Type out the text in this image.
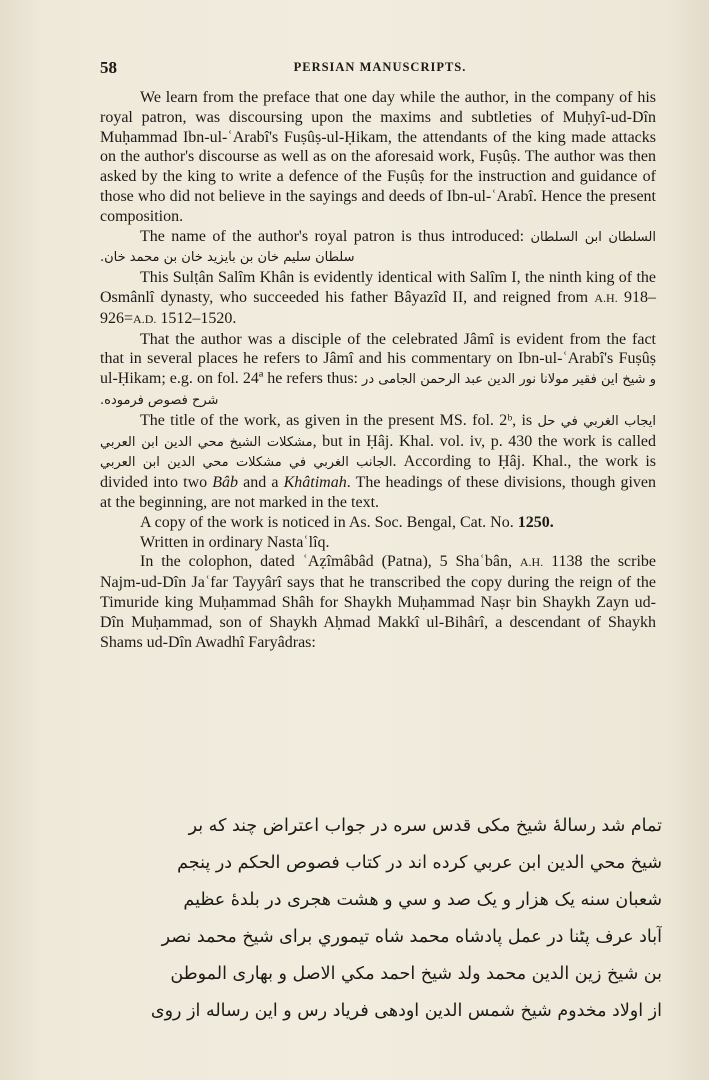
58	PERSIAN MANUSCRIPTS.

We learn from the preface that one day while the author, in the company of his royal patron, was discoursing upon the maxims and subtleties of Muḥyî-ud-Dîn Muḥammad Ibn-ul-ʿArabî's Fuṣûṣ-ul-Ḥikam, the attendants of the king made attacks on the author's discourse as well as on the aforesaid work, Fuṣûṣ. The author was then asked by the king to write a defence of the Fuṣûṣ for the instruction and guidance of those who did not believe in the sayings and deeds of Ibn-ul-ʿArabî. Hence the present composition.

The name of the author's royal patron is thus introduced: السلطان ابن السلطان سلطان سليم خان بن بايزيد خان بن محمد خان.

This Sulṭân Salîm Khân is evidently identical with Salîm I, the ninth king of the Osmânlî dynasty, who succeeded his father Bâyazîd II, and reigned from A.H. 918–926=A.D. 1512–1520.

That the author was a disciple of the celebrated Jâmî is evident from the fact that in several places he refers to Jâmî and his commentary on Ibn-ul-ʿArabî's Fuṣûṣ ul-Ḥikam; e.g. on fol. 24ª he refers thus: و شیخ این فقیر مولانا نور الدین عبد الرحمن الجامی در شرح فصوص فرموده.

The title of the work, as given in the present MS. fol. 2ᵇ, is ایجاب الغربي في حل مشكلات الشيخ محي الدين ابن العربي, but in Ḥâj. Khal. vol. iv, p. 430 the work is called الجانب الغربي في مشكلات محي الدين ابن العربي. According to Ḥâj. Khal., the work is divided into two Bâb and a Khâtimah. The headings of these divisions, though given at the beginning, are not marked in the text.

A copy of the work is noticed in As. Soc. Bengal, Cat. No. 1250.

Written in ordinary Nastaʿlîq.

In the colophon, dated ʿAẓîmâbâd (Patna), 5 Shaʿbân, A.H. 1138 the scribe Najm-ud-Dîn Jaʿfar Tayyârî says that he transcribed the copy during the reign of the Timuride king Muḥammad Shâh for Shaykh Muḥammad Naṣr bin Shaykh Zayn ud-Dîn Muḥammad, son of Shaykh Aḥmad Makkî ul-Bihârî, a descendant of Shaykh Shams ud-Dîn Awadhî Faryâdras:

تمام شد رسالهٔ شیخ مکی قدس سره در جواب اعتراض چند که بر
شیخ محي الدين ابن عربي كرده اند در كتاب فصوص الحكم در پنجم
شعبان سنه یک هزار و یک صد و سي و هشت هجری در بلدهٔ عظیم
آباد عرف پٹنا در عمل پادشاه محمد شاه تیموري برای شیخ محمد نصر
بن شیخ زین الدین محمد ولد شیخ احمد مكي الاصل و بهاری الموطن
از اولاد مخدوم شیخ شمس الدین اودهی فریاد رس و این رساله از روی
